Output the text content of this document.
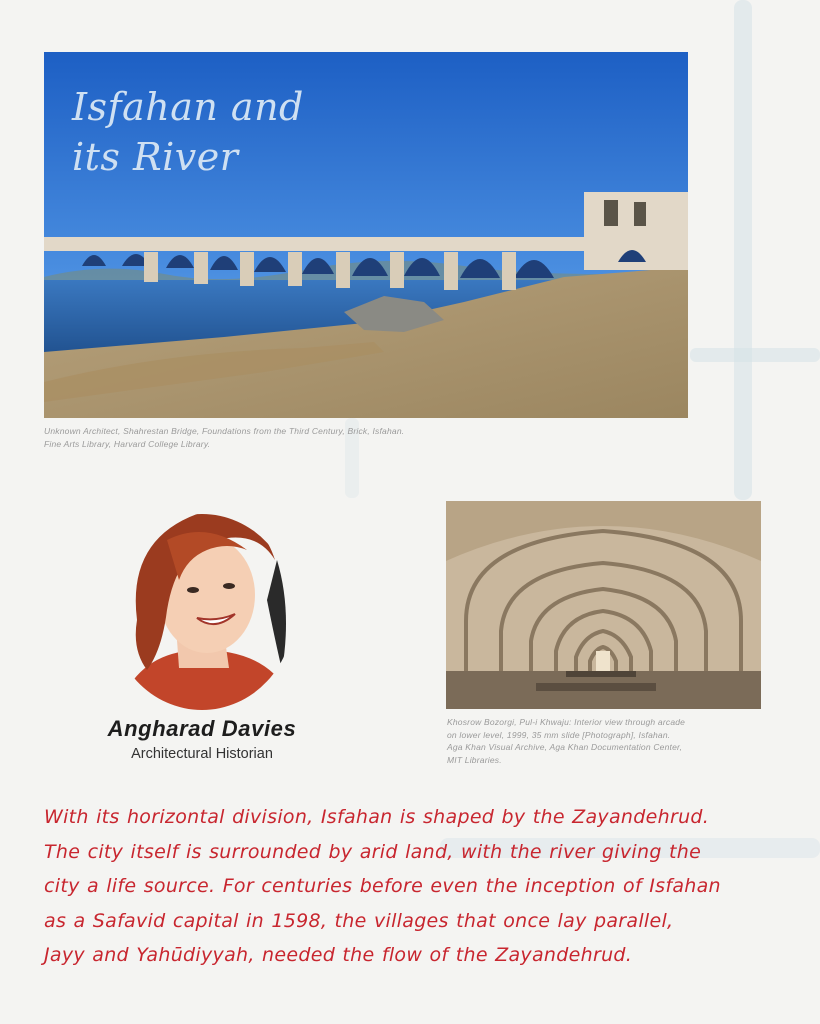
Isfahan and
its River
Unknown Architect, Shahrestan Bridge, Foundations from the Third Century, Brick, Isfahan.
Fine Arts Library, Harvard College Library.
Angharad Davies
Architectural Historian
Khosrow Bozorgi, Pul-i Khwaju: Interior view through arcade
on lower level, 1999, 35 mm slide [Photograph], Isfahan.
Aga Khan Visual Archive, Aga Khan Documentation Center,
MIT Libraries.
With its horizontal division, Isfahan is shaped by the Zayandehrud.
The city itself is surrounded by arid land, with the river giving the
city a life source. For centuries before even the inception of Isfahan
as a Safavid capital in 1598, the villages that once lay parallel,
Jayy and Yahūdiyyah, needed the flow of the Zayandehrud.
